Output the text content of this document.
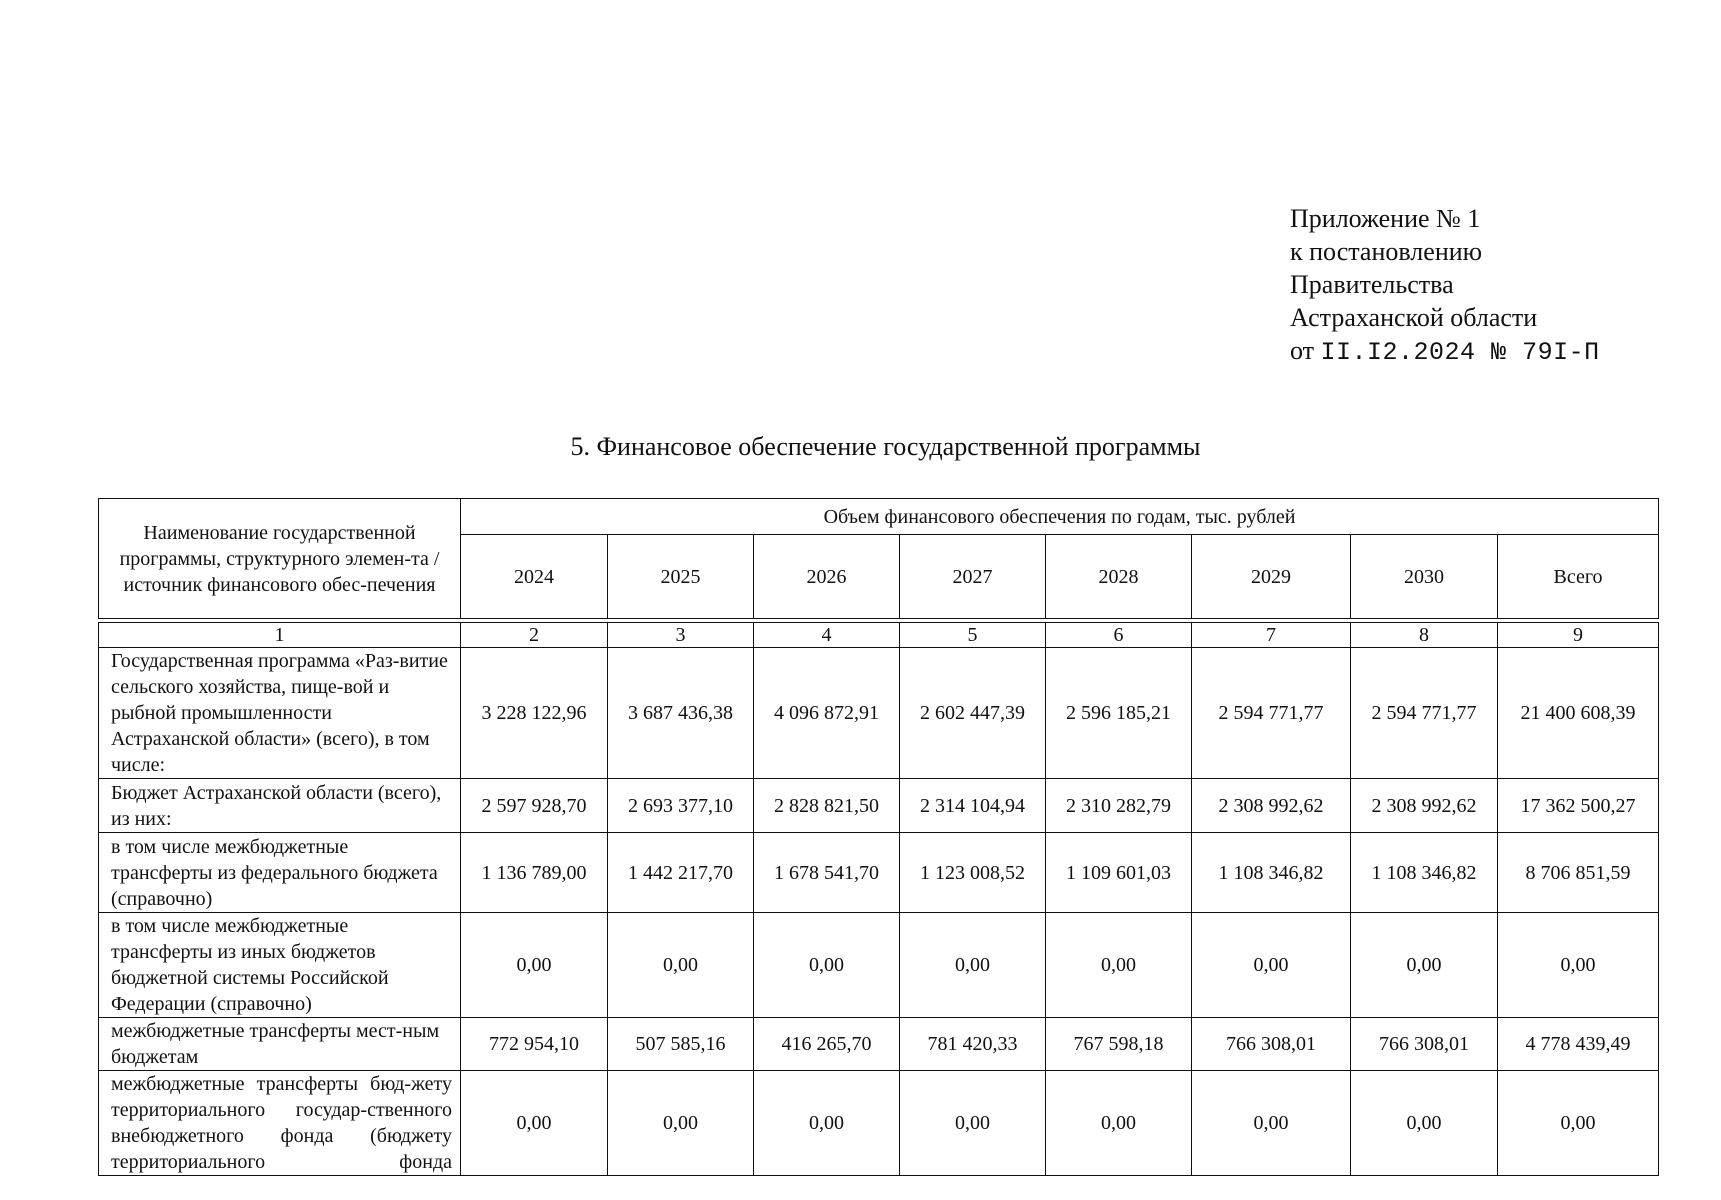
Приложение № 1
к постановлению
Правительства
Астраханской области
от II.I2.2024 № 79I-П
5. Финансовое обеспечение государственной программы
Наименование государственной программы, структурного элемен-та / источник финансового обес-печения	Объем финансового обеспечения по годам, тыс. рублей							
	2024	2025	2026	2027	2028	2029	2030	Всего

1	2	3	4	5	6	7	8	9
Государственная программа «Раз-витие сельского хозяйства, пище-вой и рыбной промышленности Астраханской области» (всего), в том числе:	3 228 122,96	3 687 436,38	4 096 872,91	2 602 447,39	2 596 185,21	2 594 771,77	2 594 771,77	21 400 608,39
Бюджет Астраханской области (всего), из них:	2 597 928,70	2 693 377,10	2 828 821,50	2 314 104,94	2 310 282,79	2 308 992,62	2 308 992,62	17 362 500,27
в том числе межбюджетные трансферты из федерального бюджета (справочно)	1 136 789,00	1 442 217,70	1 678 541,70	1 123 008,52	1 109 601,03	1 108 346,82	1 108 346,82	8 706 851,59
в том числе межбюджетные трансферты из иных бюджетов бюджетной системы Российской Федерации (справочно)	0,00	0,00	0,00	0,00	0,00	0,00	0,00	0,00
межбюджетные трансферты мест-ным бюджетам	772 954,10	507 585,16	416 265,70	781 420,33	767 598,18	766 308,01	766 308,01	4 778 439,49
межбюджетные трансферты бюд-жету территориального государ-ственного внебюджетного фонда (бюджету территориального фонда	0,00	0,00	0,00	0,00	0,00	0,00	0,00	0,00
